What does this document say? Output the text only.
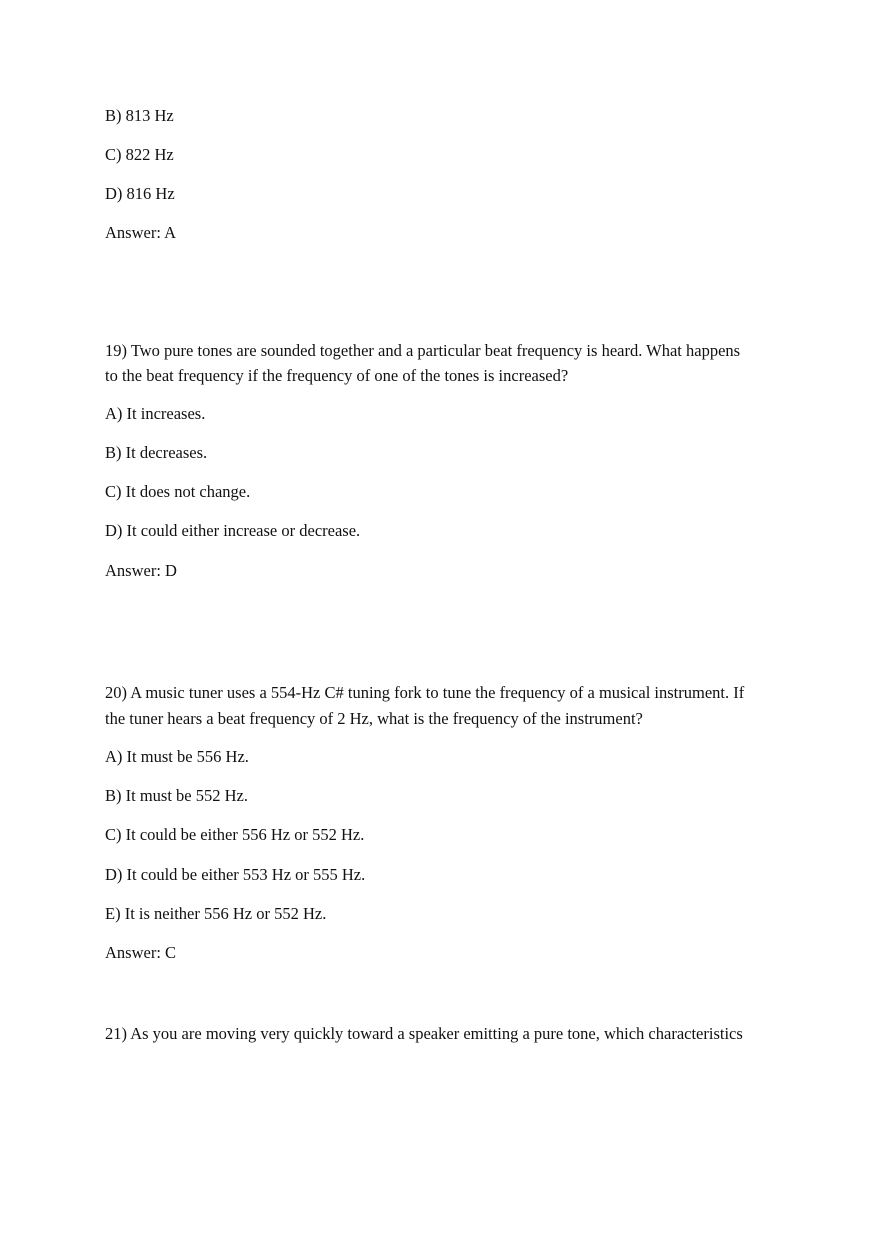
B) 813 Hz
C) 822 Hz
D) 816 Hz
Answer: A
19) Two pure tones are sounded together and a particular beat frequency is heard. What happens
to the beat frequency if the frequency of one of the tones is increased?
A) It increases.
B) It decreases.
C) It does not change.
D) It could either increase or decrease.
Answer: D
20) A music tuner uses a 554-Hz C# tuning fork to tune the frequency of a musical instrument. If
the tuner hears a beat frequency of 2 Hz, what is the frequency of the instrument?
A) It must be 556 Hz.
B) It must be 552 Hz.
C) It could be either 556 Hz or 552 Hz.
D) It could be either 553 Hz or 555 Hz.
E) It is neither 556 Hz or 552 Hz.
Answer: C
21) As you are moving very quickly toward a speaker emitting a pure tone, which characteristics
